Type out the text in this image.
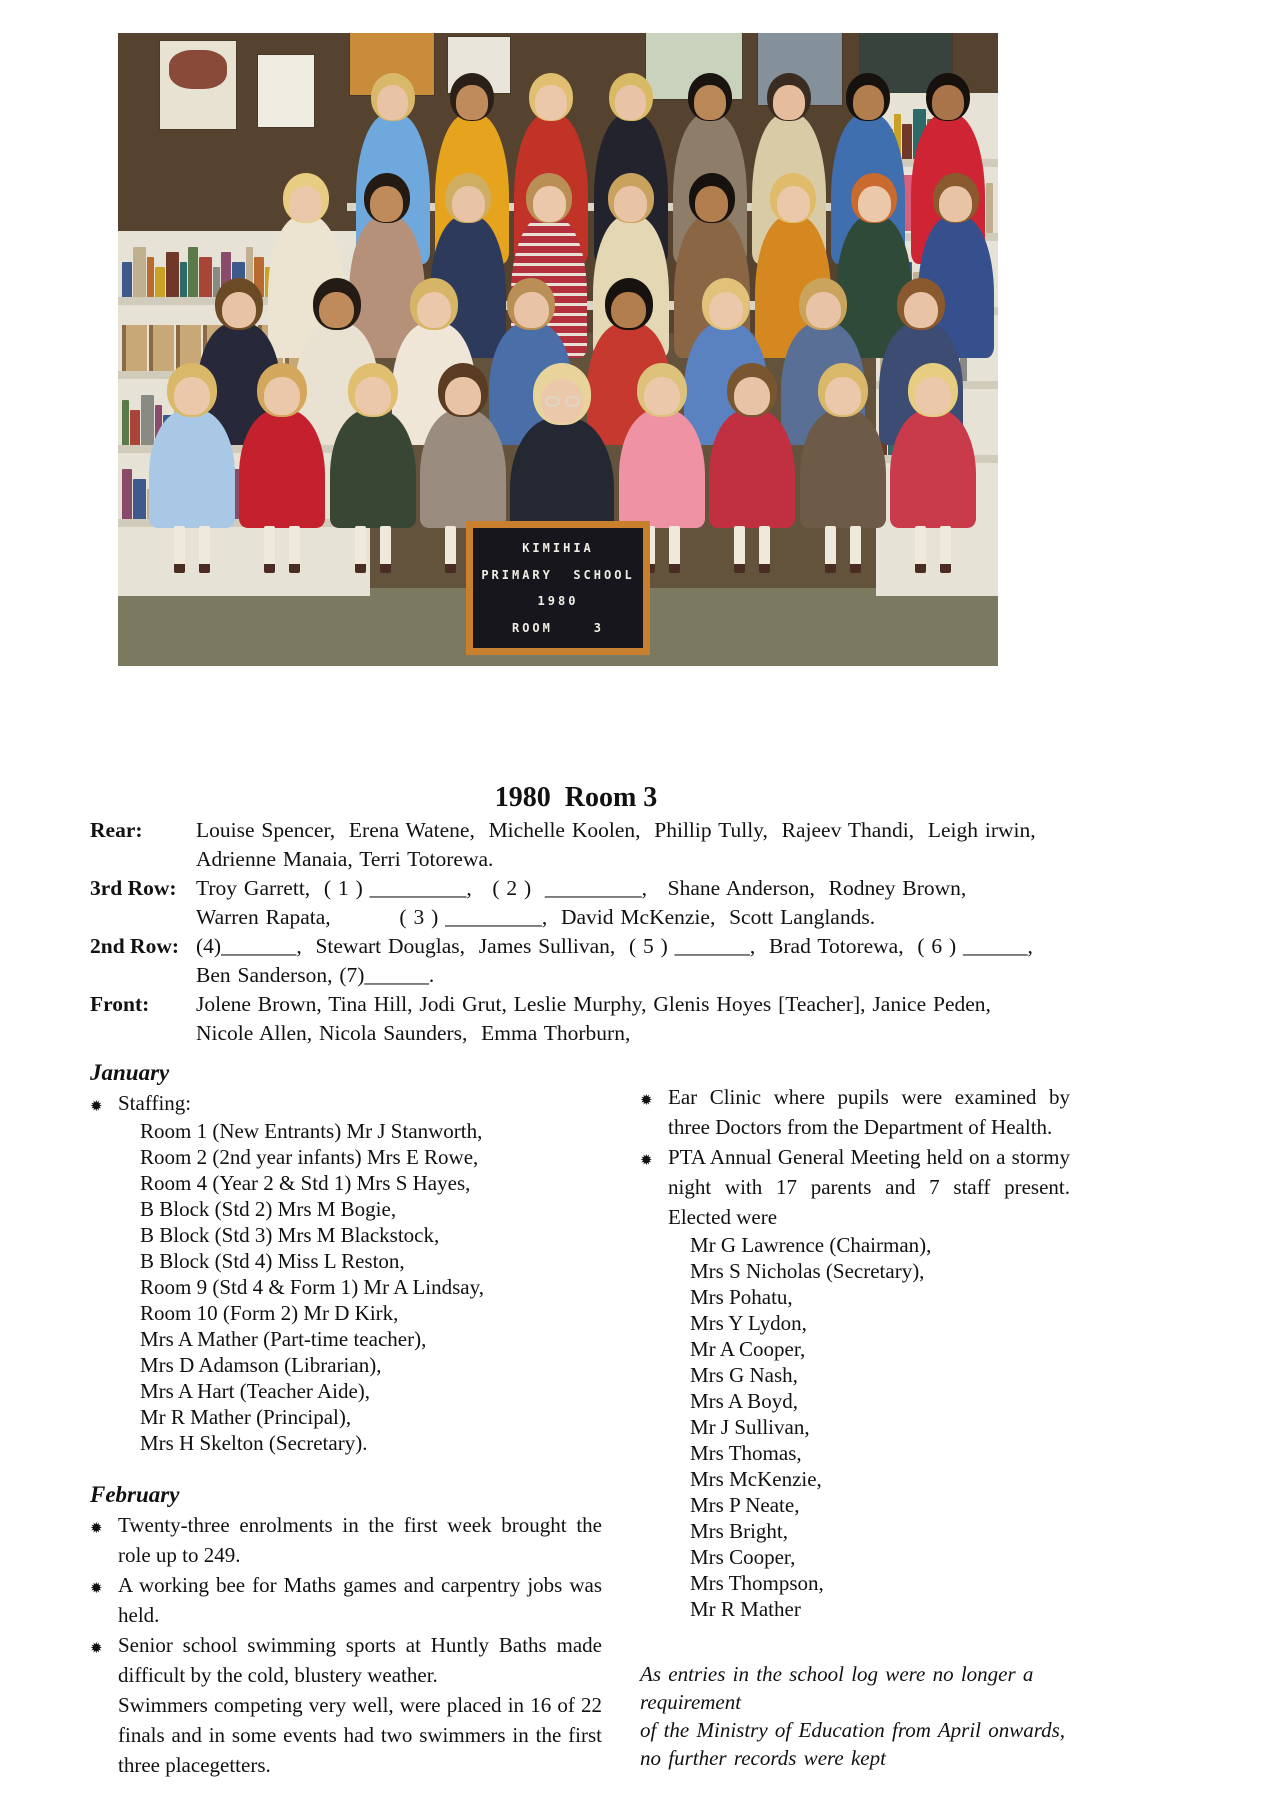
KIMIHIA
PRIMARY  SCHOOL
1980
ROOM    3
1980  Room 3
Rear:	Louise Spencer,  Erena Watene,  Michelle Koolen,  Phillip Tully,  Rajeev Thandi,  Leigh irwin,
Adrienne Manaia, Terri Totorewa.
3rd Row: Troy Garrett,  ( 1 ) _________,   ( 2 )  _________,   Shane Anderson,  Rodney Brown,
Warren Rapata,          ( 3 ) _________,  David McKenzie,  Scott Langlands.
2nd Row: (4)_______,  Stewart Douglas,  James Sullivan,  ( 5 ) _______,  Brad Totorewa,  ( 6 ) ______,
Ben Sanderson, (7)______.
Front:	Jolene Brown, Tina Hill, Jodi Grut, Leslie Murphy, Glenis Hoyes [Teacher], Janice Peden,
Nicole Allen, Nicola Saunders,  Emma Thorburn,
January
✹ Staffing:
Room 1 (New Entrants) Mr J Stanworth,
Room 2 (2nd year infants) Mrs E Rowe,
Room 4 (Year 2 & Std 1) Mrs S Hayes,
B Block (Std 2) Mrs M Bogie,
B Block (Std 3) Mrs M Blackstock,
B Block (Std 4) Miss L Reston,
Room 9 (Std 4 & Form 1) Mr A Lindsay,
Room 10 (Form 2) Mr D Kirk,
Mrs A Mather (Part-time teacher),
Mrs D Adamson (Librarian),
Mrs A Hart (Teacher Aide),
Mr R Mather (Principal),
Mrs H Skelton (Secretary).
February
✹ Twenty-three enrolments in the first week brought the role up to 249.
✹ A working bee for Maths games and carpentry jobs was held.
✹ Senior school swimming sports at Huntly Baths made difficult by the cold, blustery weather.
Swimmers competing very well, were placed in 16 of 22 finals and in some events had two swimmers in the first three placegetters.
✹ Ear Clinic where pupils were examined by three Doctors from the Department of Health.
✹ PTA Annual General Meeting held on a stormy night with 17 parents and 7 staff present. Elected were
Mr G Lawrence (Chairman),
Mrs S Nicholas (Secretary),
Mrs Pohatu,
Mrs Y Lydon,
Mr A Cooper,
Mrs G Nash,
Mrs A Boyd,
Mr J Sullivan,
Mrs Thomas,
Mrs McKenzie,
Mrs P Neate,
Mrs Bright,
Mrs Cooper,
Mrs Thompson,
Mr R Mather
As entries in the school log were no longer a requirement
of the Ministry of Education from April onwards,
no further records were kept
